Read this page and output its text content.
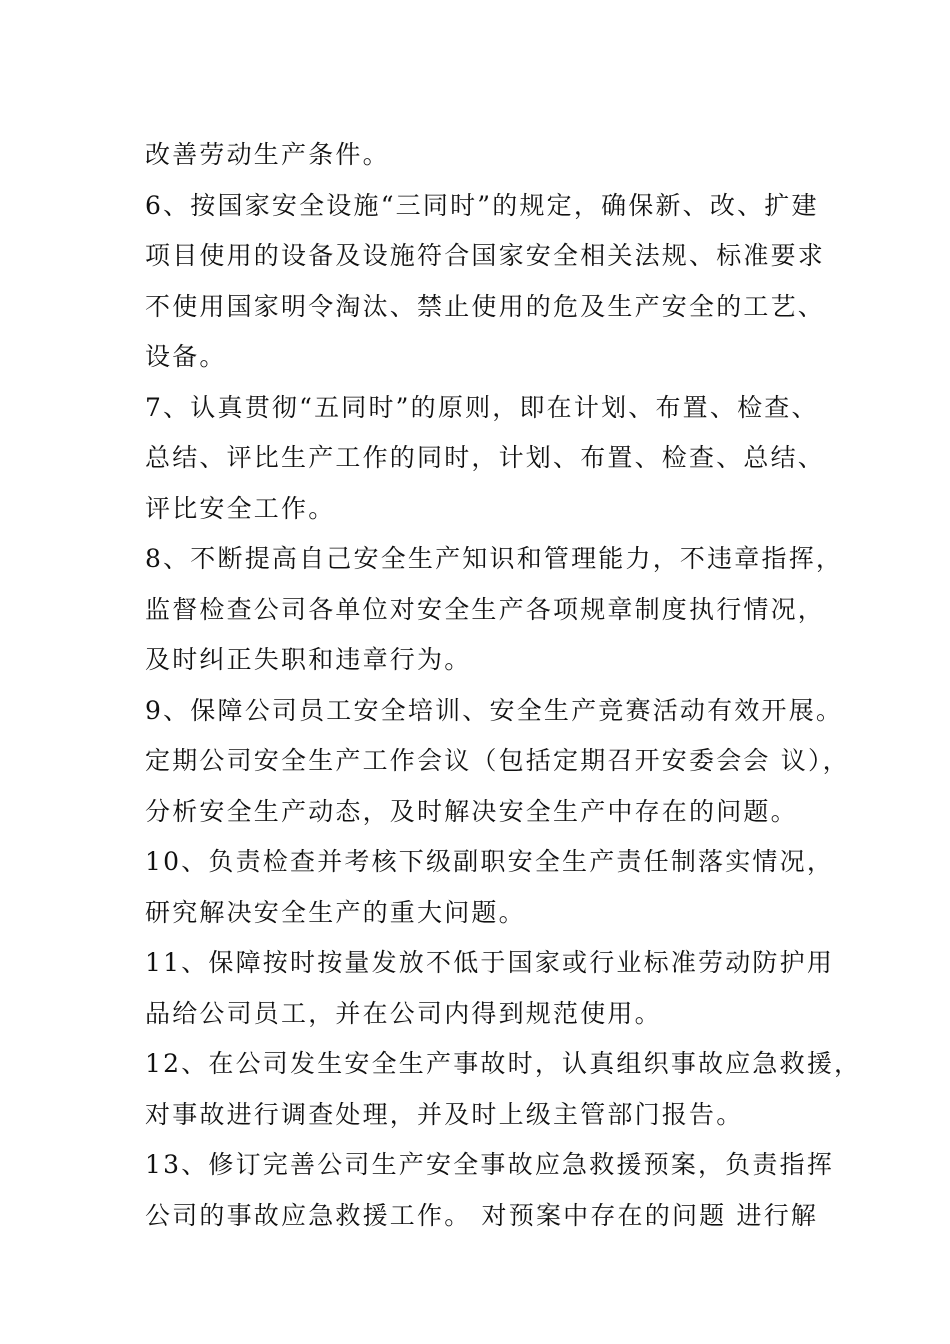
改善劳动生产条件。
6、按国家安全设施“三同时”的规定，确保新、改、扩建
项目使用的设备及设施符合国家安全相关法规、标准要求
不使用国家明令淘汰、禁止使用的危及生产安全的工艺、
设备。
7、认真贯彻“五同时”的原则，即在计划、布置、检查、
总结、评比生产工作的同时，计划、布置、检查、总结、
评比安全工作。
8、不断提高自己安全生产知识和管理能力，不违章指挥，
监督检查公司各单位对安全生产各项规章制度执行情况，
及时纠正失职和违章行为。
9、保障公司员工安全培训、安全生产竞赛活动有效开展。
定期公司安全生产工作会议（包括定期召开安委会会 议），
分析安全生产动态，及时解决安全生产中存在的问题。
10、负责检查并考核下级副职安全生产责任制落实情况，
研究解决安全生产的重大问题。
11、保障按时按量发放不低于国家或行业标准劳动防护用
品给公司员工，并在公司内得到规范使用。
12、在公司发生安全生产事故时，认真组织事故应急救援，
对事故进行调查处理，并及时上级主管部门报告。
13、修订完善公司生产安全事故应急救援预案，负责指挥
公司的事故应急救援工作。 对预案中存在的问题 进行解
